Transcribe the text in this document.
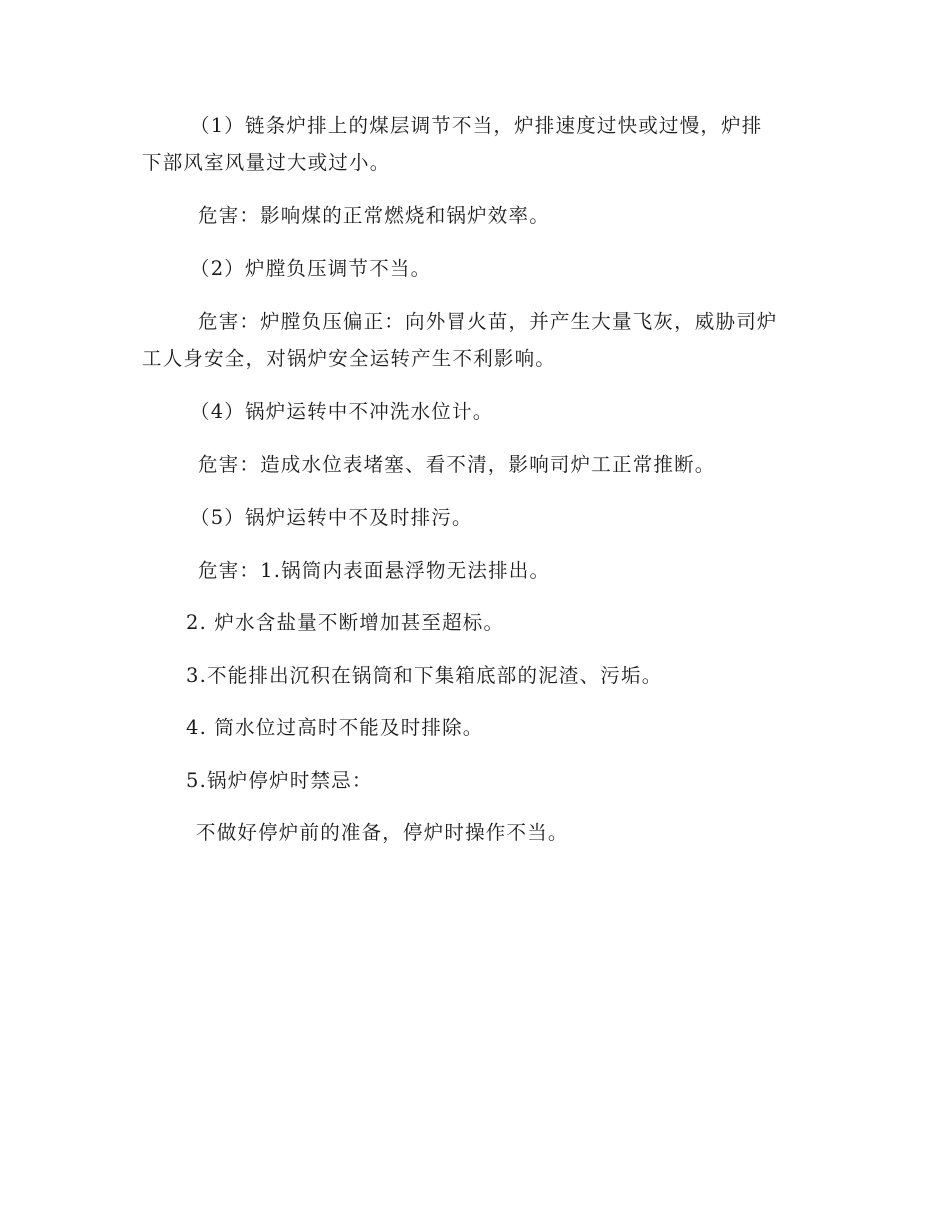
（1）链条炉排上的煤层调节不当，炉排速度过快或过慢，炉排
下部风室风量过大或过小。
危害：影响煤的正常燃烧和锅炉效率。
（2）炉膛负压调节不当。
危害：炉膛负压偏正：向外冒火苗，并产生大量飞灰，威胁司炉
工人身安全，对锅炉安全运转产生不利影响。
（4）锅炉运转中不冲洗水位计。
危害：造成水位表堵塞、看不清，影响司炉工正常推断。
（5）锅炉运转中不及时排污。
危害：1.锅筒内表面悬浮物无法排出。
2. 炉水含盐量不断增加甚至超标。
3.不能排出沉积在锅筒和下集箱底部的泥渣、污垢。
4. 筒水位过高时不能及时排除。
5.锅炉停炉时禁忌：
不做好停炉前的准备，停炉时操作不当。
